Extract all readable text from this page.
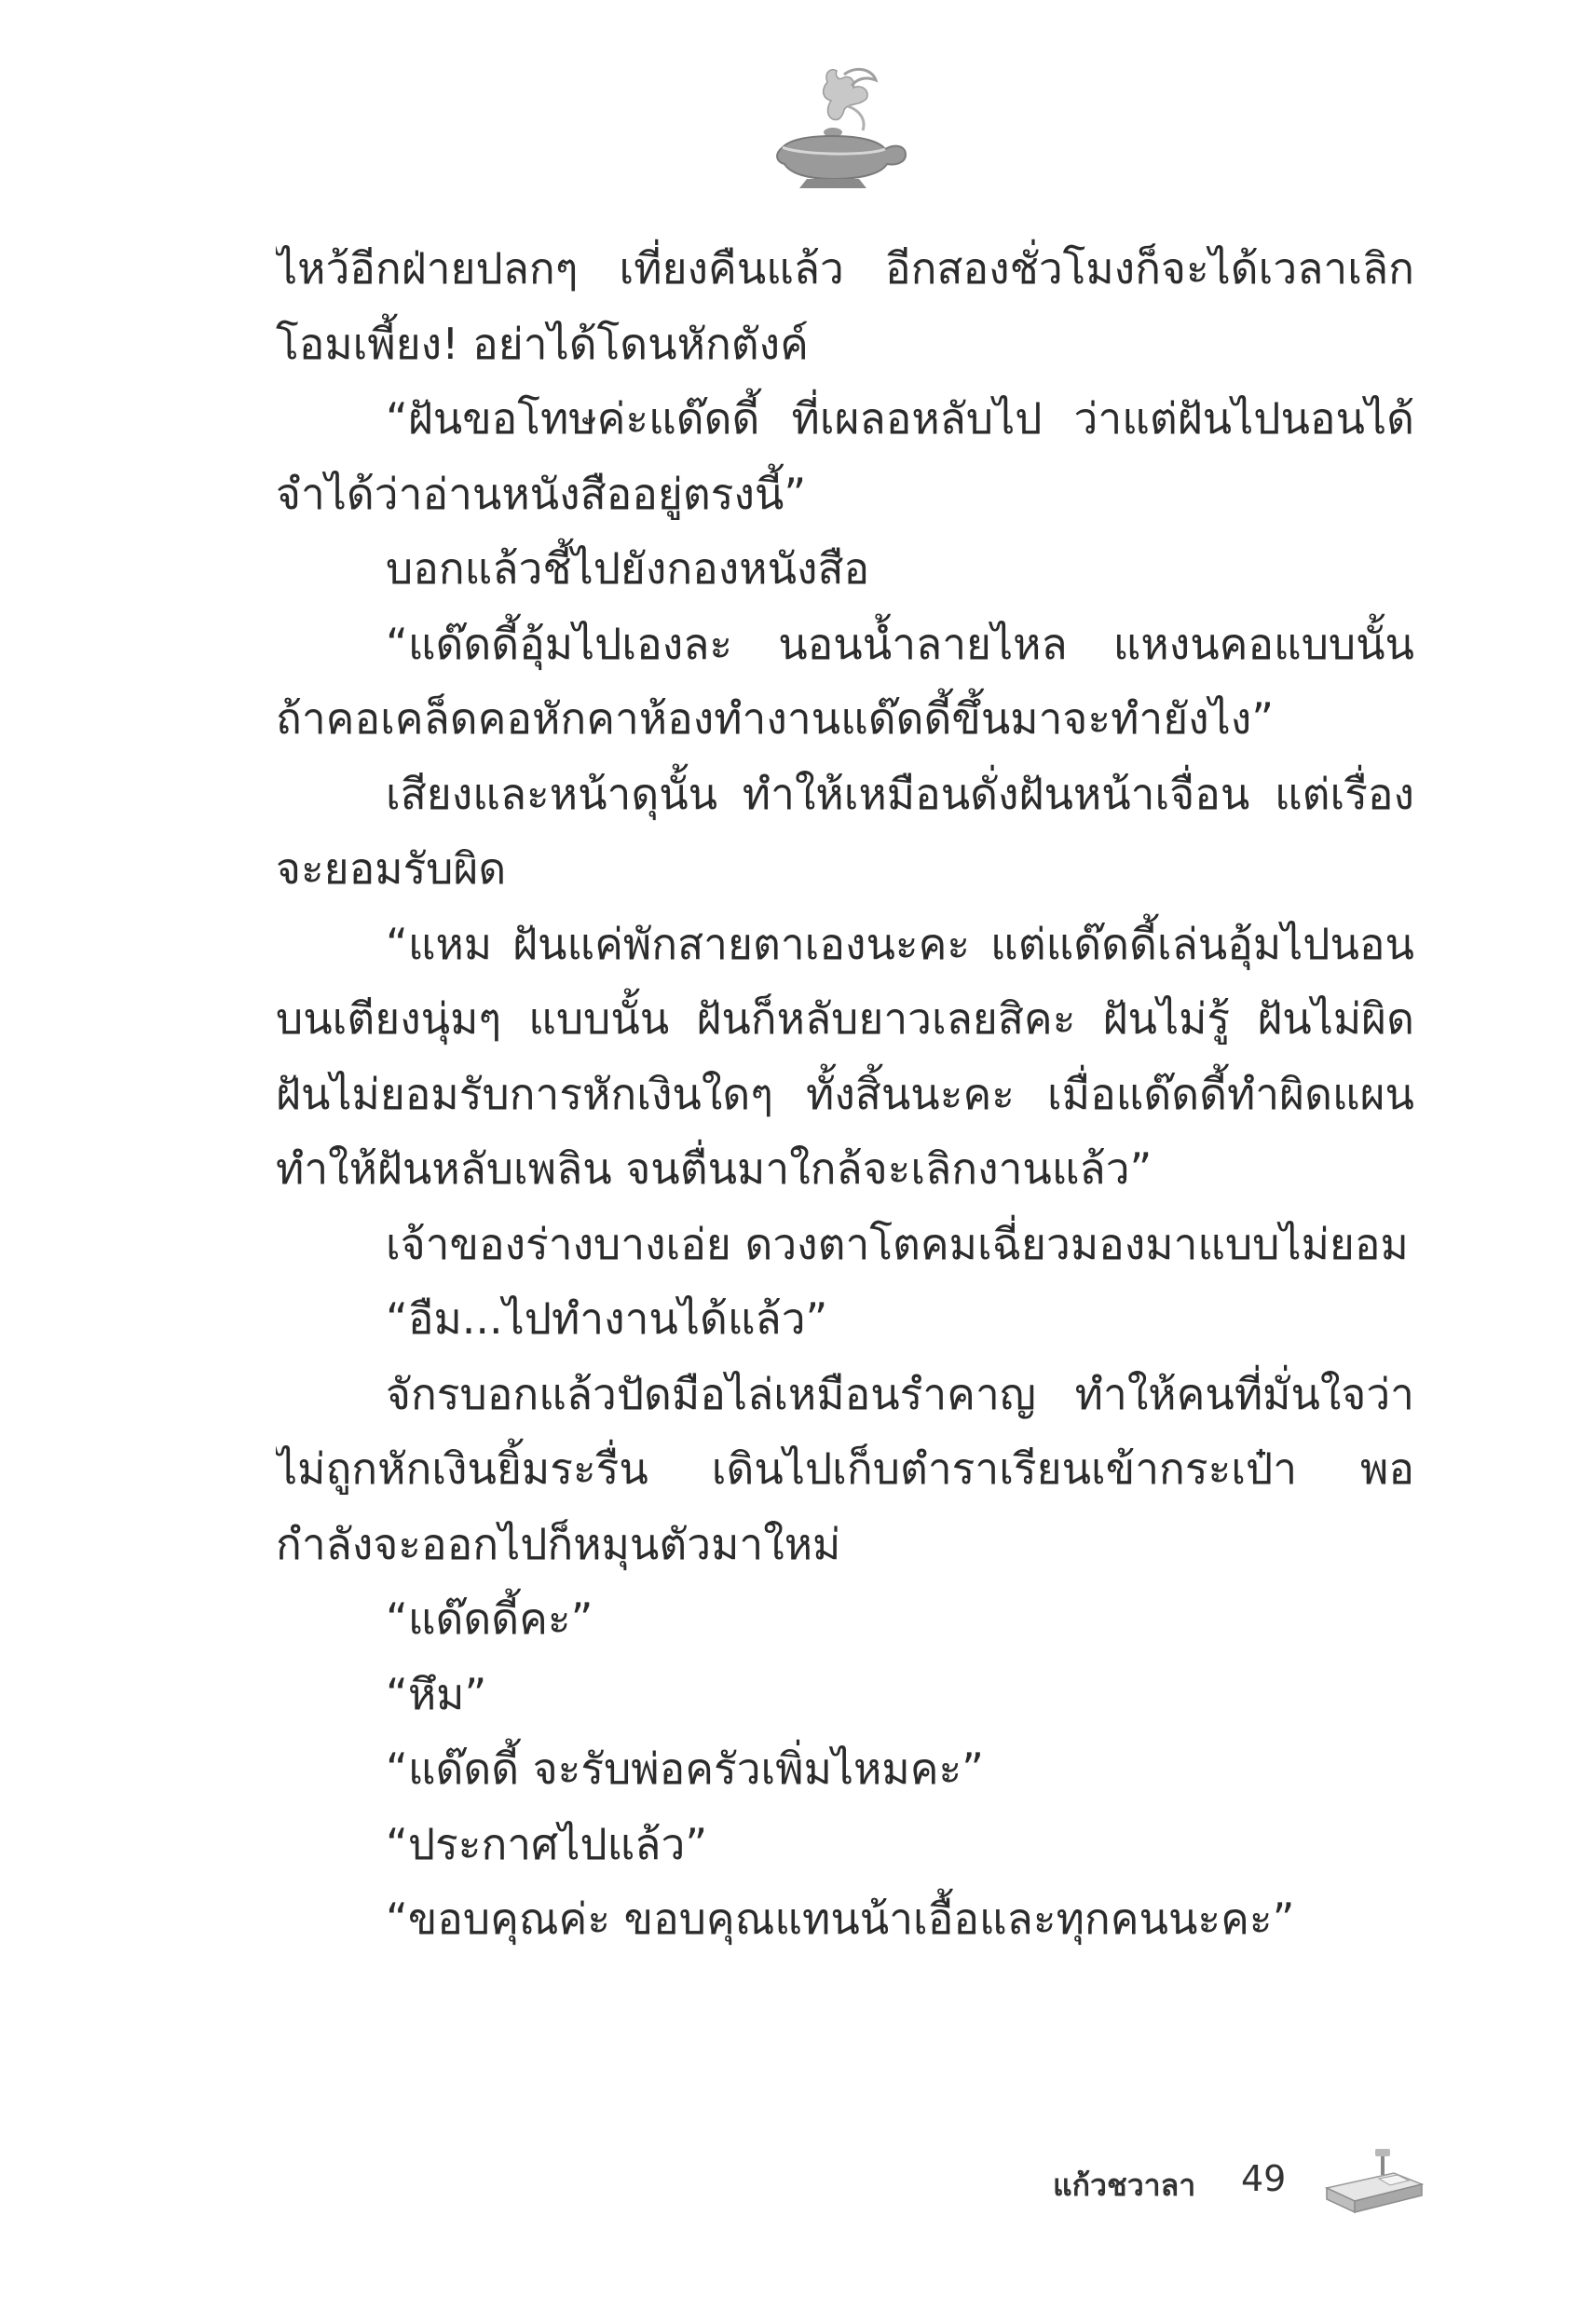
ไหว้อีกฝ่ายปลกๆ เที่ยงคืนแล้ว อีกสองชั่วโมงก็จะได้เวลาเลิก
โอมเพี้ยง! อย่าได้โดนหักตังค์
“ฝันขอโทษค่ะแด๊ดดี้ ที่เผลอหลับไป ว่าแต่ฝันไปนอนได้
จำได้ว่าอ่านหนังสืออยู่ตรงนี้”
บอกแล้วชี้ไปยังกองหนังสือ
“แด๊ดดี้อุ้มไปเองละ นอนน้ำลายไหล แหงนคอแบบนั้น
ถ้าคอเคล็ดคอหักคาห้องทำงานแด๊ดดี้ขึ้นมาจะทำยังไง”
เสียงและหน้าดุนั้น ทำให้เหมือนดั่งฝันหน้าเจื่อน แต่เรื่อง
จะยอมรับผิด
“แหม ฝันแค่พักสายตาเองนะคะ แต่แด๊ดดี้เล่นอุ้มไปนอน
บนเตียงนุ่มๆ แบบนั้น ฝันก็หลับยาวเลยสิคะ ฝันไม่รู้ ฝันไม่ผิด
ฝันไม่ยอมรับการหักเงินใดๆ ทั้งสิ้นนะคะ เมื่อแด๊ดดี้ทำผิดแผน
ทำให้ฝันหลับเพลิน จนตื่นมาใกล้จะเลิกงานแล้ว”
เจ้าของร่างบางเอ่ย ดวงตาโตคมเฉี่ยวมองมาแบบไม่ยอม
“อืม...ไปทำงานได้แล้ว”
จักรบอกแล้วปัดมือไล่เหมือนรำคาญ ทำให้คนที่มั่นใจว่า
ไม่ถูกหักเงินยิ้มระรื่น เดินไปเก็บตำราเรียนเข้ากระเป๋า พอ
กำลังจะออกไปก็หมุนตัวมาใหม่
“แด๊ดดี้คะ”
“หึม”
“แด๊ดดี้ จะรับพ่อครัวเพิ่มไหมคะ”
“ประกาศไปแล้ว”
“ขอบคุณค่ะ ขอบคุณแทนน้าเอื้อและทุกคนนะคะ”
แก้วชวาลา 49
